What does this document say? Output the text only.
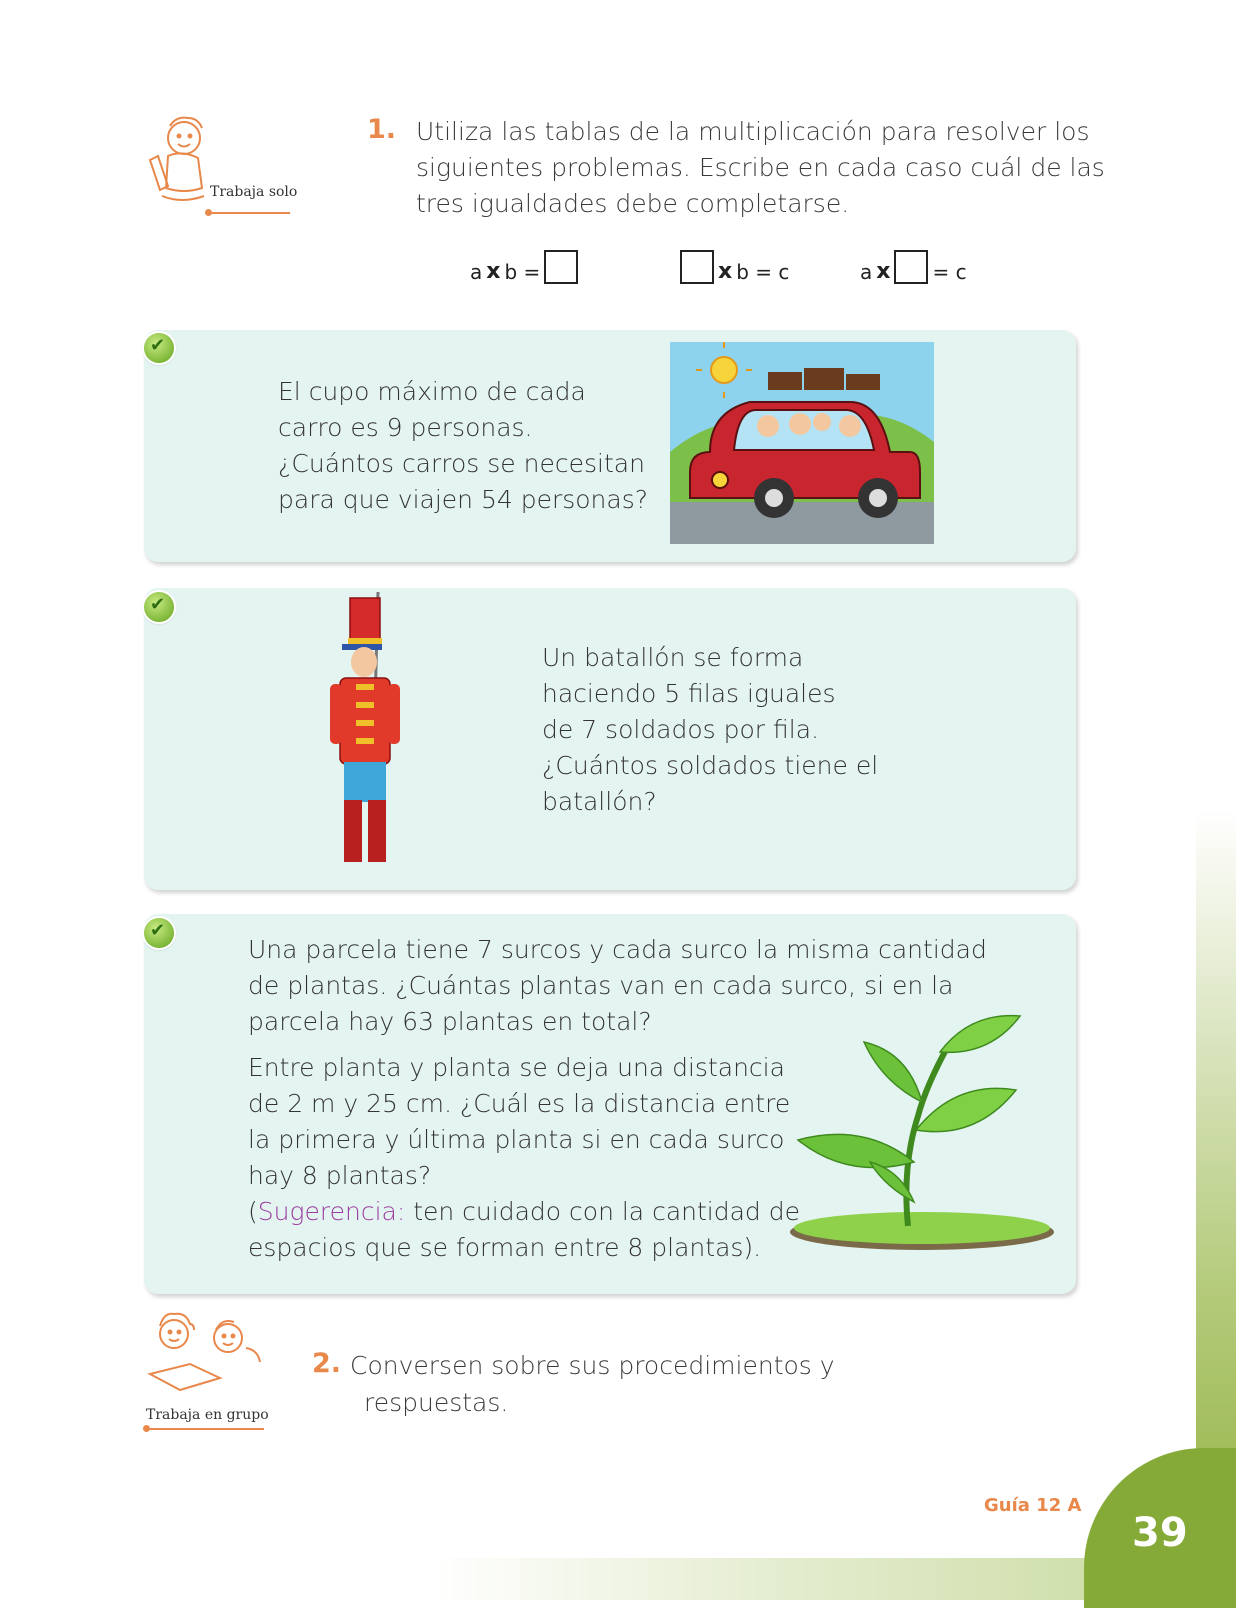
Trabaja solo
1. Utiliza las tablas de la multiplicación para resolver los
siguientes problemas. Escribe en cada caso cuál de las
tres igualdades debe completarse.
a x b =	x b = c	a x = c
✔
El cupo máximo de cada
carro es 9 personas.
¿Cuántos carros se necesitan
para que viajen 54 personas?
✔
Un batallón se forma
haciendo 5 filas iguales
de 7 soldados por fila.
¿Cuántos soldados tiene el
batallón?
✔
Una parcela tiene 7 surcos y cada surco la misma cantidad
de plantas. ¿Cuántas plantas van en cada surco, si en la
parcela hay 63 plantas en total?
Entre planta y planta se deja una distancia
de 2 m y 25 cm. ¿Cuál es la distancia entre
la primera y última planta si en cada surco
hay 8 plantas?
(Sugerencia: ten cuidado con la cantidad de
espacios que se forman entre 8 plantas).
Trabaja en grupo
2. Conversen sobre sus procedimientos y
respuestas.
Guía 12 A
39
